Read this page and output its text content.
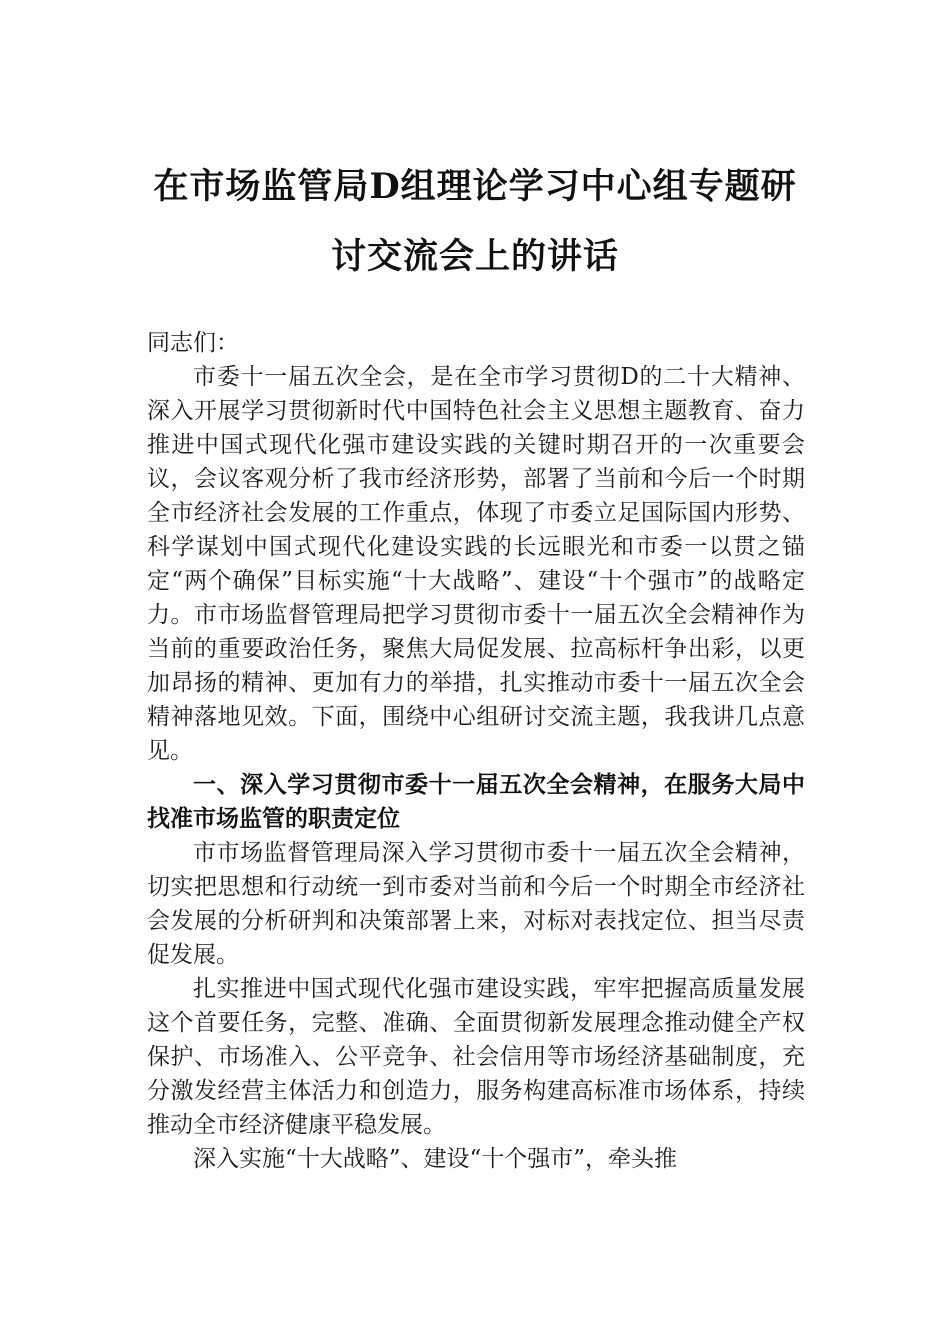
在市场监管局D组理论学习中心组专题研
讨交流会上的讲话

同志们：

市委十一届五次全会，是在全市学习贯彻D的二十大精神、深入开展学习贯彻新时代中国特色社会主义思想主题教育、奋力推进中国式现代化强市建设实践的关键时期召开的一次重要会议，会议客观分析了我市经济形势，部署了当前和今后一个时期全市经济社会发展的工作重点，体现了市委立足国际国内形势、科学谋划中国式现代化建设实践的长远眼光和市委一以贯之锚定“两个确保”目标实施“十大战略”、建设“十个强市”的战略定力。市市场监督管理局把学习贯彻市委十一届五次全会精神作为当前的重要政治任务，聚焦大局促发展、拉高标杆争出彩，以更加昂扬的精神、更加有力的举措，扎实推动市委十一届五次全会精神落地见效。下面，围绕中心组研讨交流主题，我我讲几点意见。

一、深入学习贯彻市委十一届五次全会精神，在服务大局中找准市场监管的职责定位

市市场监督管理局深入学习贯彻市委十一届五次全会精神，切实把思想和行动统一到市委对当前和今后一个时期全市经济社会发展的分析研判和决策部署上来，对标对表找定位、担当尽责促发展。

扎实推进中国式现代化强市建设实践，牢牢把握高质量发展这个首要任务，完整、准确、全面贯彻新发展理念推动健全产权保护、市场准入、公平竞争、社会信用等市场经济基础制度，充分激发经营主体活力和创造力，服务构建高标准市场体系，持续推动全市经济健康平稳发展。

深入实施“十大战略”、建设“十个强市”，牵头推
